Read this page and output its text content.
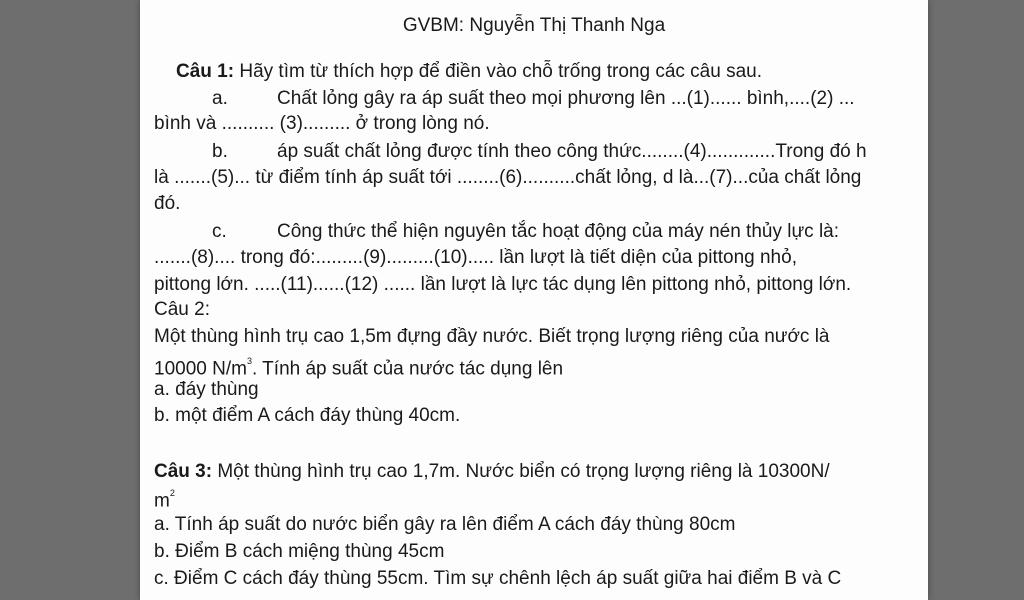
GVBM: Nguyễn Thị Thanh Nga
Câu 1: Hãy tìm từ thích hợp để điền vào chỗ trống trong các câu sau.
a.	Chất lỏng gây ra áp suất theo mọi phương lên ...(1)...... bình,....(2) ...
bình và .......... (3)......... ở trong lòng nó.
b.	áp suất chất lỏng được tính theo công thức........(4).............Trong đó h
là .......(5)... từ điểm tính áp suất tới ........(6)..........chất lỏng, d là...(7)...của chất lỏng
đó.
c.	Công thức thể hiện nguyên tắc hoạt động của máy nén thủy lực là:
.......(8).... trong đó:.........(9).........(10)..... lần lượt là tiết diện của pittong nhỏ,
pittong lớn. .....(11)......(12) ...... lần lượt là lực tác dụng lên pittong nhỏ, pittong lớn.
Câu 2:
Một thùng hình trụ cao 1,5m đựng đầy nước. Biết trọng lượng riêng của nước là
10000 $N/m^3$. Tính áp suất của nước tác dụng lên
a. đáy thùng
b. một điểm A cách đáy thùng 40cm.
Câu 3: Một thùng hình trụ cao 1,7m. Nước biển có trọng lượng riêng là 10300N/
$m^2$
a. Tính áp suất do nước biển gây ra lên điểm A cách đáy thùng 80cm
b. Điểm B cách miệng thùng 45cm
c. Điểm C cách đáy thùng 55cm. Tìm sự chênh lệch áp suất giữa hai điểm B và C
